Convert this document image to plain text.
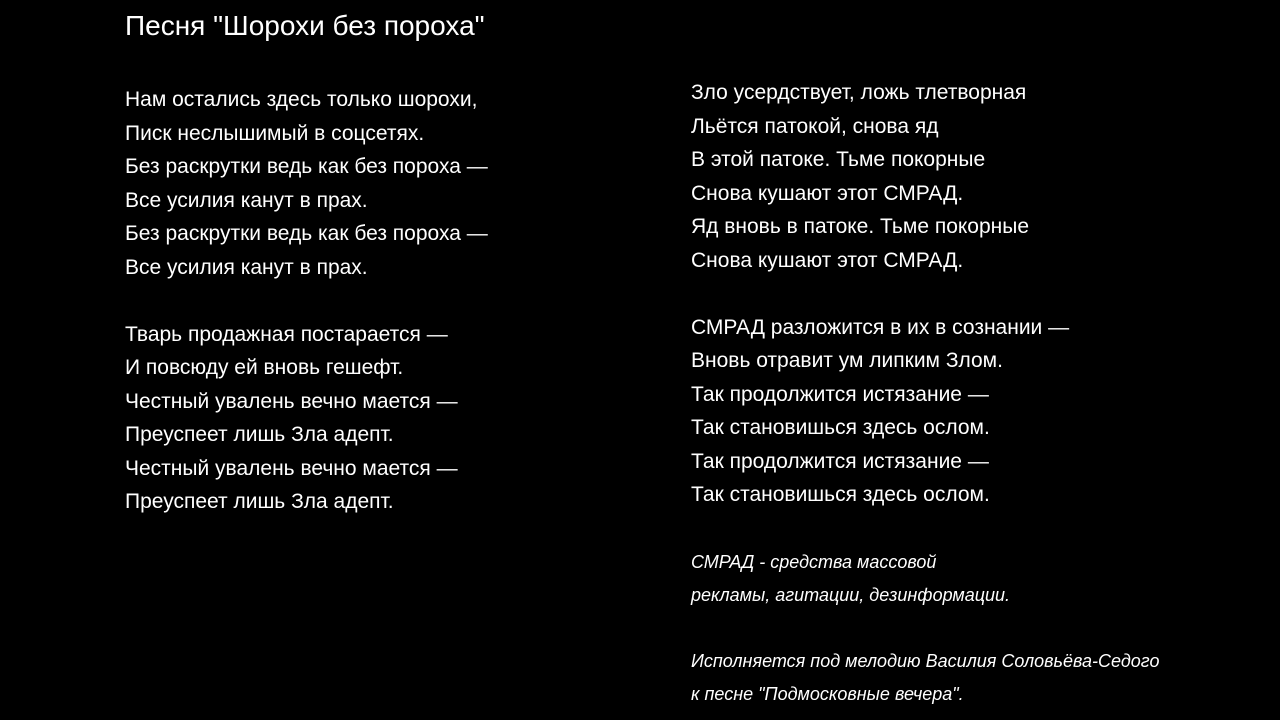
Песня "Шорохи без пороха"
Нам остались здесь только шорохи,
Писк неслышимый в соцсетях.
Без раскрутки ведь как без пороха —
Все усилия канут в прах.
Без раскрутки ведь как без пороха —
Все усилия канут в прах.
Тварь продажная постарается —
И повсюду ей вновь гешефт.
Честный увалень вечно мается —
Преуспеет лишь Зла адепт.
Честный увалень вечно мается —
Преуспеет лишь Зла адепт.
Зло усердствует, ложь тлетворная
Льётся патокой, снова яд
В этой патоке. Тьме покорные
Снова кушают этот СМРАД.
Яд вновь в патоке. Тьме покорные
Снова кушают этот СМРАД.
СМРАД разложится в их в сознании —
Вновь отравит ум липким Злом.
Так продолжится истязание —
Так становишься здесь ослом.
Так продолжится истязание —
Так становишься здесь ослом.
СМРАД - средства массовой
рекламы, агитации, дезинформации.
Исполняется под мелодию Василия Соловьёва-Седого
к песне "Подмосковные вечера".
